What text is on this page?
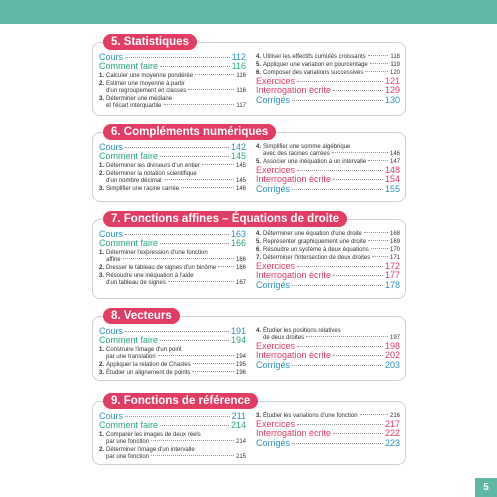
5. Statistiques
Cours	112
Comment faire	116
1. Calculer une moyenne pondérée	116
2. Estimer une moyenne à partir
d'un regroupement en classes	116
3. Déterminer une médiane
et l'écart interquartile	117
4. Utiliser les effectifs cumulés croissants	118
5. Appliquer une variation en pourcentage	119
6. Composer des variations successives	120
Exercices	121
Interrogation écrite	129
Corrigés	130
6. Compléments numériques
Cours	142
Comment faire	145
1. Déterminer les diviseurs d'un entier	145
2. Déterminer la notation scientifique
d'un nombre décimal	145
3. Simplifier une racine carrée	146
4. Simplifier une somme algébrique
avec des racines carrées	146
5. Associer une inéquation à un intervalle	147
Exercices	148
Interrogation écrite	154
Corrigés	155
7. Fonctions affines – Équations de droite
Cours	163
Comment faire	166
1. Déterminer l'expression d'une fonction
affine	166
2. Dresser le tableau de signes d'un binôme	166
3. Résoudre une inéquation à l'aide
d'un tableau de signes	167
4. Déterminer une équation d'une droite	168
5. Représenter graphiquement une droite	169
6. Résoudre un système à deux équations	170
7. Déterminer l'intersection de deux droites	171
Exercices	172
Interrogation écrite	177
Corrigés	178
8. Vecteurs
Cours	191
Comment faire	194
1. Construire l'image d'un point
par une translation	194
2. Appliquer la relation de Chasles	195
3. Étudier un alignement de points	196
4. Étudier les positions relatives
de deux droites	197
Exercices	198
Interrogation écrite	202
Corrigés	203
9. Fonctions de référence
Cours	211
Comment faire	214
1. Comparer les images de deux réels
par une fonction	214
2. Déterminer l'image d'un intervalle
par une fonction	215
3. Étudier les variations d'une fonction	216
Exercices	217
Interrogation écrite	222
Corrigés	223
5
